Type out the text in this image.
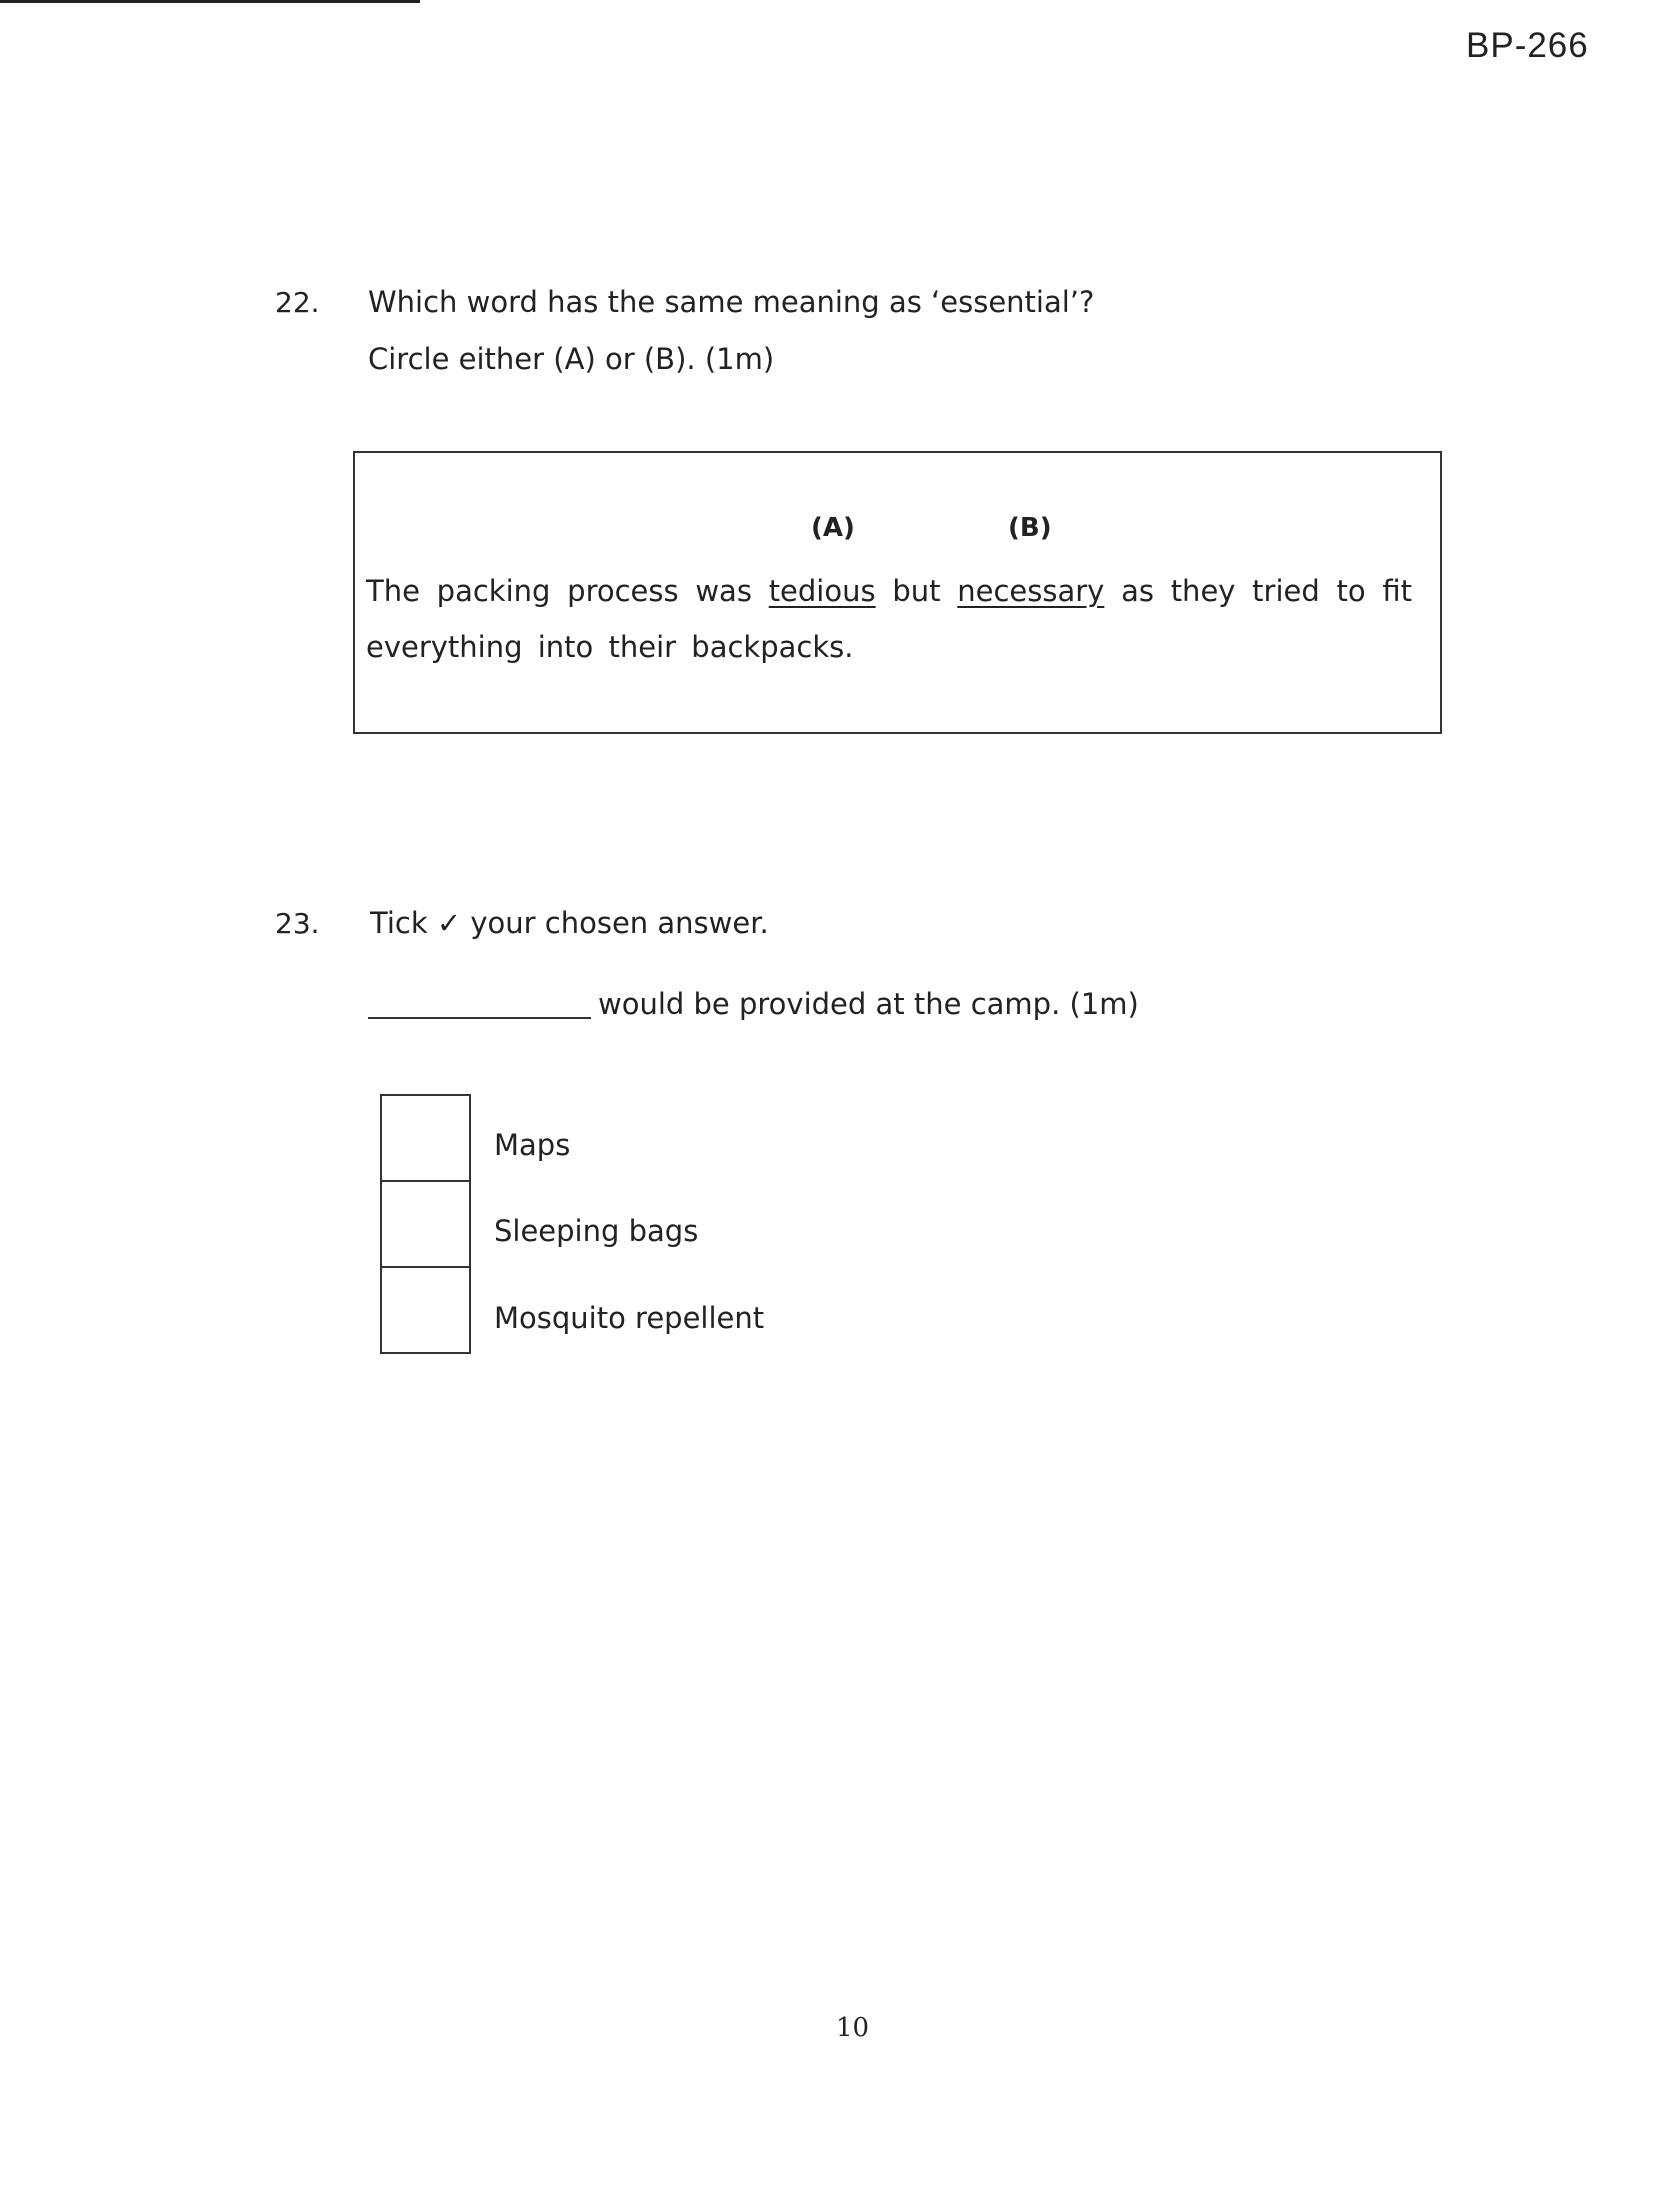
BP-266
22. Which word has the same meaning as ‘essential’?
Circle either (A) or (B). (1m)
(A)	(B)
The packing process was tedious but necessary as they tried to fit everything into their backpacks.
23. Tick ✓ your chosen answer.
would be provided at the camp. (1m)
Maps
Sleeping bags
Mosquito repellent
10
